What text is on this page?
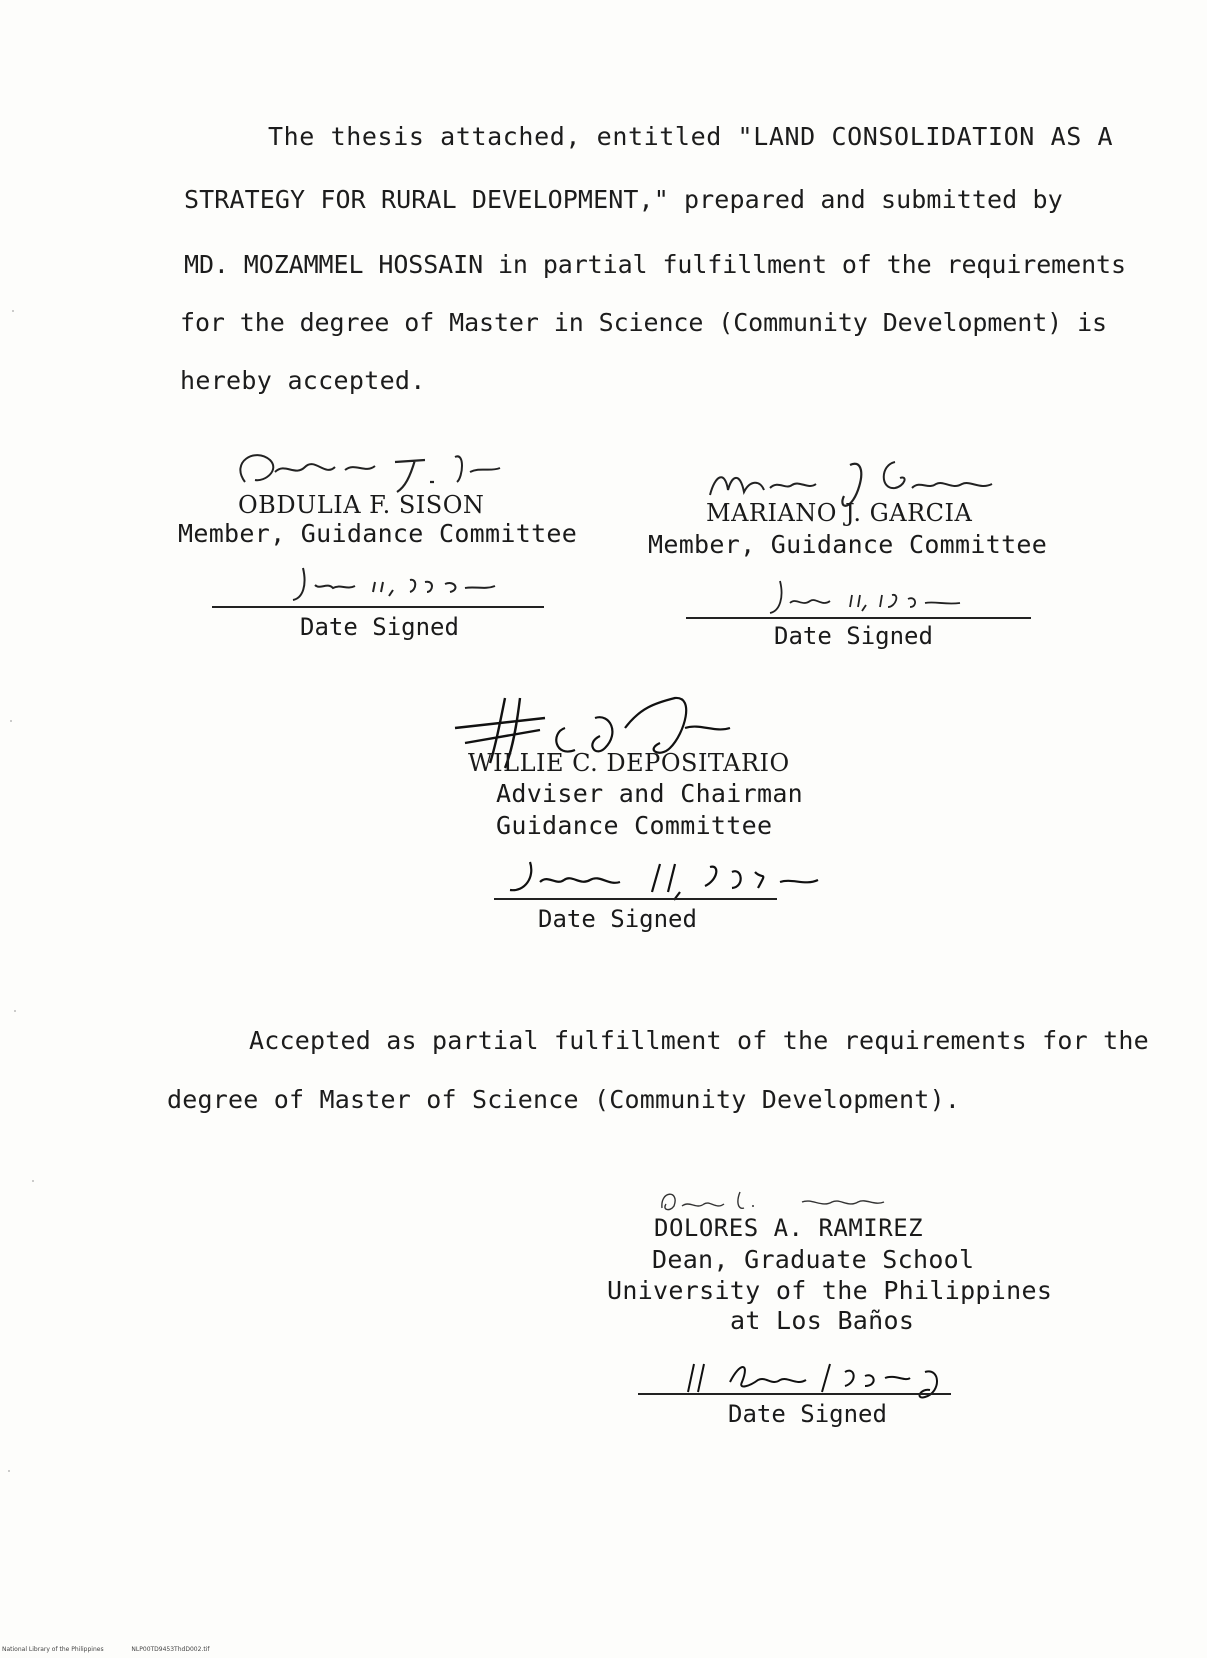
The thesis attached, entitled "LAND CONSOLIDATION AS A
STRATEGY FOR RURAL DEVELOPMENT," prepared and submitted by
MD. MOZAMMEL HOSSAIN in partial fulfillment of the requirements
for the degree of Master in Science (Community Development) is
hereby accepted.
OBDULIA F. SISON
Member, Guidance Committee
Date Signed
MARIANO J. GARCIA
Member, Guidance Committee
Date Signed
WILLIE C. DEPOSITARIO
Adviser and Chairman
Guidance Committee
Date Signed
Accepted as partial fulfillment of the requirements for the
degree of Master of Science (Community Development).
DOLORES A. RAMIREZ
Dean, Graduate School
University of the Philippines
at Los Baños
Date Signed
National Library of the Philippines	NLP00TD9453ThdD002.tif
